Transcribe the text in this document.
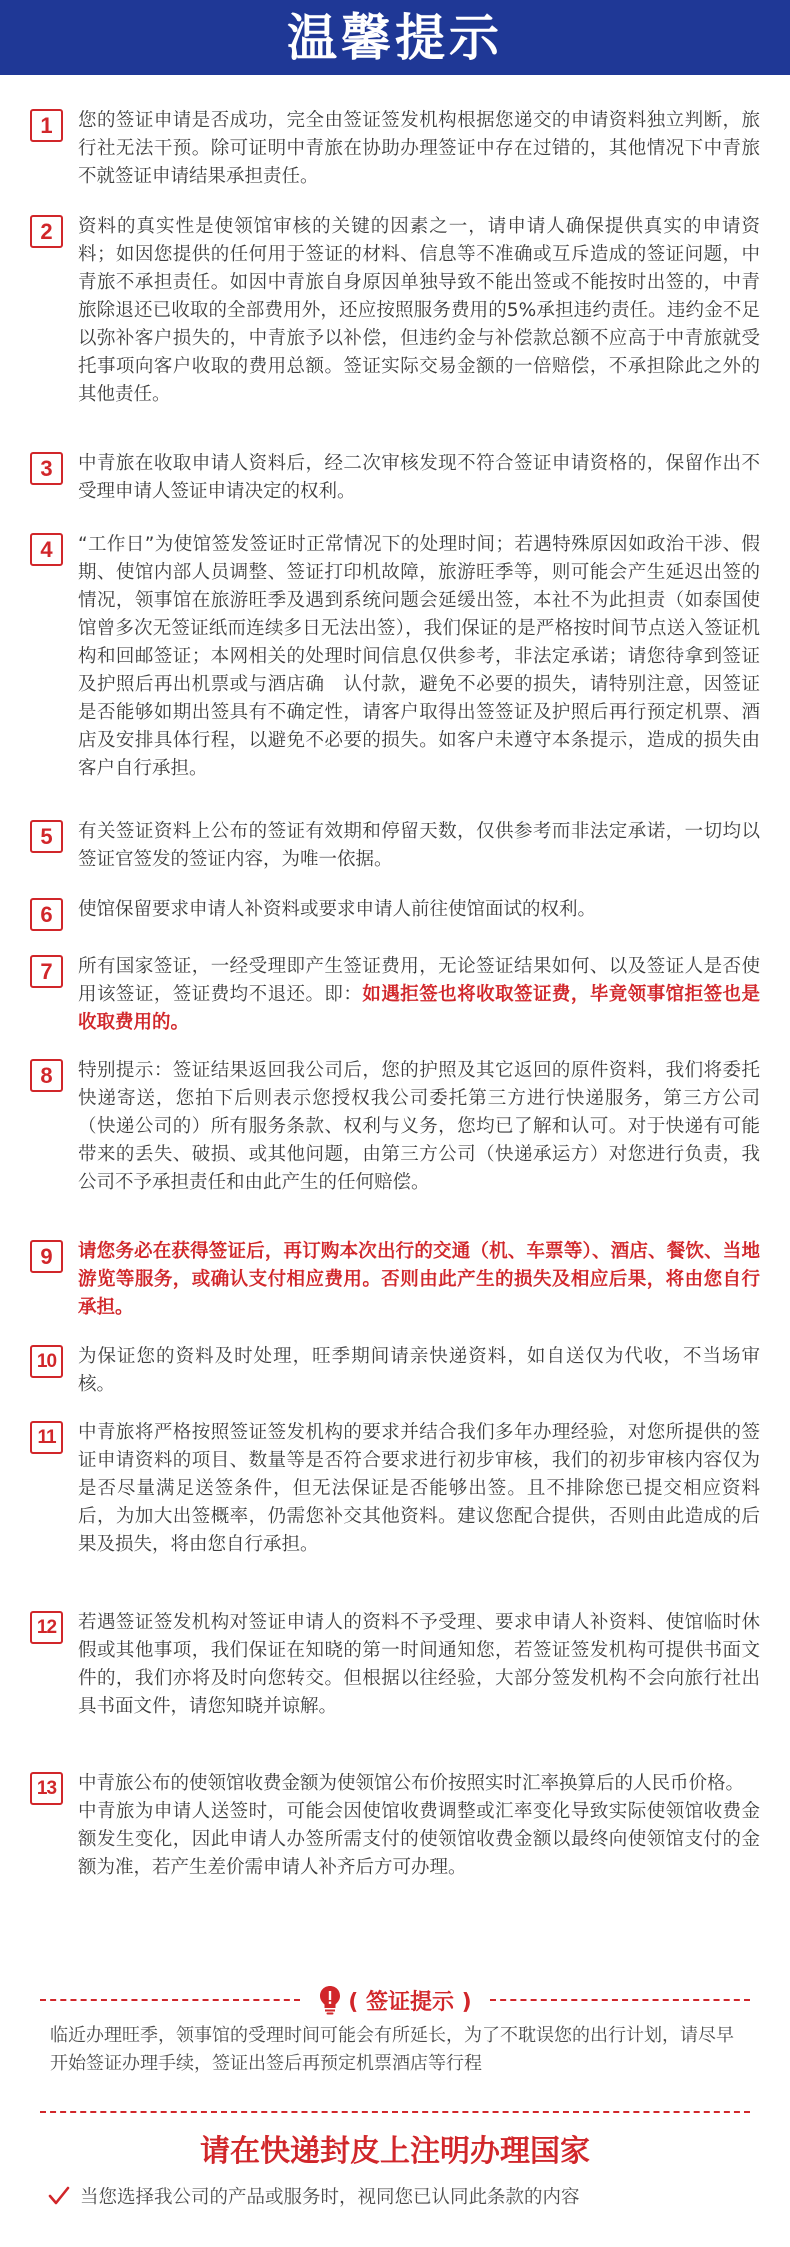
温馨提示
1	您的签证申请是否成功，完全由签证签发机构根据您递交的申请资料独立判断，旅行社无法干预。除可证明中青旅在协助办理签证中存在过错的，其他情况下中青旅不就签证申请结果承担责任。
2	资料的真实性是使领馆审核的关键的因素之一，请申请人确保提供真实的申请资料；如因您提供的任何用于签证的材料、信息等不准确或互斥造成的签证问题，中青旅不承担责任。如因中青旅自身原因单独导致不能出签或不能按时出签的，中青旅除退还已收取的全部费用外，还应按照服务费用的5%承担违约责任。违约金不足以弥补客户损失的，中青旅予以补偿，但违约金与补偿款总额不应高于中青旅就受托事项向客户收取的费用总额。签证实际交易金额的一倍赔偿，不承担除此之外的其他责任。
3	中青旅在收取申请人资料后，经二次审核发现不符合签证申请资格的，保留作出不受理申请人签证申请决定的权利。
4	“工作日”为使馆签发签证时正常情况下的处理时间；若遇特殊原因如政治干涉、假期、使馆内部人员调整、签证打印机故障，旅游旺季等，则可能会产生延迟出签的情况，领事馆在旅游旺季及遇到系统问题会延缓出签，本社不为此担责（如泰国使馆曾多次无签证纸而连续多日无法出签），我们保证的是严格按时间节点送入签证机构和回邮签证；本网相关的处理时间信息仅供参考，非法定承诺；请您待拿到签证及护照后再出机票或与酒店确　认付款，避免不必要的损失，请特别注意，因签证是否能够如期出签具有不确定性，请客户取得出签签证及护照后再行预定机票、酒店及安排具体行程，以避免不必要的损失。如客户未遵守本条提示，造成的损失由客户自行承担。
5	有关签证资料上公布的签证有效期和停留天数，仅供参考而非法定承诺，一切均以签证官签发的签证内容，为唯一依据。
6	使馆保留要求申请人补资料或要求申请人前往使馆面试的权利。
7	所有国家签证，一经受理即产生签证费用，无论签证结果如何、以及签证人是否使用该签证，签证费均不退还。即：如遇拒签也将收取签证费，毕竟领事馆拒签也是收取费用的。
8	特别提示：签证结果返回我公司后，您的护照及其它返回的原件资料，我们将委托快递寄送，您拍下后则表示您授权我公司委托第三方进行快递服务，第三方公司（快递公司的）所有服务条款、权利与义务，您均已了解和认可。对于快递有可能带来的丢失、破损、或其他问题，由第三方公司（快递承运方）对您进行负责，我公司不予承担责任和由此产生的任何赔偿。
9	请您务必在获得签证后，再订购本次出行的交通（机、车票等）、酒店、餐饮、当地游览等服务，或确认支付相应费用。否则由此产生的损失及相应后果，将由您自行承担。
10	为保证您的资料及时处理，旺季期间请亲快递资料，如自送仅为代收，不当场审核。
11	中青旅将严格按照签证签发机构的要求并结合我们多年办理经验，对您所提供的签证申请资料的项目、数量等是否符合要求进行初步审核，我们的初步审核内容仅为是否尽量满足送签条件，但无法保证是否能够出签。且不排除您已提交相应资料后，为加大出签概率，仍需您补交其他资料。建议您配合提供，否则由此造成的后果及损失，将由您自行承担。
12	若遇签证签发机构对签证申请人的资料不予受理、要求申请人补资料、使馆临时休假或其他事项，我们保证在知晓的第一时间通知您，若签证签发机构可提供书面文件的，我们亦将及时向您转交。但根据以往经验，大部分签发机构不会向旅行社出具书面文件，请您知晓并谅解。
13	中青旅公布的使领馆收费金额为使领馆公布价按照实时汇率换算后的人民币价格。
中青旅为申请人送签时，可能会因使馆收费调整或汇率变化导致实际使领馆收费金额发生变化，因此申请人办签所需支付的使领馆收费金额以最终向使领馆支付的金额为准，若产生差价需申请人补齐后方可办理。
( 签证提示 )
临近办理旺季，领事馆的受理时间可能会有所延长，为了不耽误您的出行计划，请尽早开始签证办理手续，签证出签后再预定机票酒店等行程
请在快递封皮上注明办理国家
当您选择我公司的产品或服务时，视同您已认同此条款的内容
